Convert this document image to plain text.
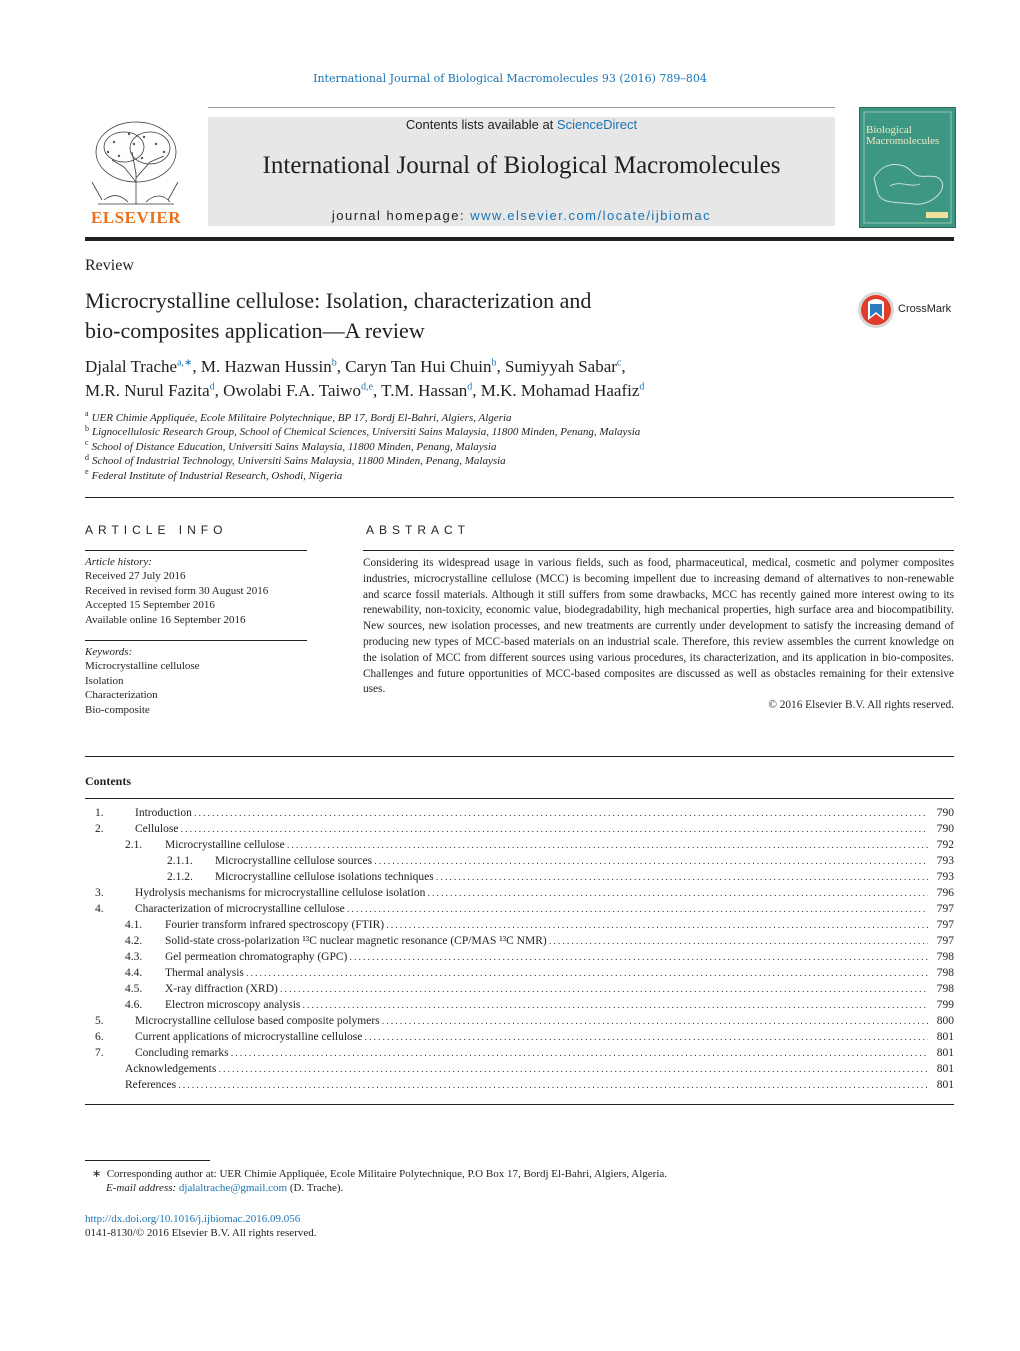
International Journal of Biological Macromolecules 93 (2016) 789–804
ELSEVIER
Contents lists available at ScienceDirect
International Journal of Biological Macromolecules
journal homepage: www.elsevier.com/locate/ijbiomac
Biological
Macromolecules
Review
Microcrystalline cellulose: Isolation, characterization and
bio-composites application—A review
CrossMark
Djalal Trache$^{a,∗}$, M. Hazwan Hussin$^b$, Caryn Tan Hui Chuin$^b$, Sumiyyah Sabar$^c$,
M.R. Nurul Fazita$^d$, Owolabi F.A. Taiwo$^{d,e}$, T.M. Hassan$^d$, M.K. Mohamad Haafiz$^d$
$^a$ UER Chimie Appliquée, Ecole Militaire Polytechnique, BP 17, Bordj El-Bahri, Algiers, Algeria
$^b$ Lignocellulosic Research Group, School of Chemical Sciences, Universiti Sains Malaysia, 11800 Minden, Penang, Malaysia
$^c$ School of Distance Education, Universiti Sains Malaysia, 11800 Minden, Penang, Malaysia
$^d$ School of Industrial Technology, Universiti Sains Malaysia, 11800 Minden, Penang, Malaysia
$^e$ Federal Institute of Industrial Research, Oshodi, Nigeria
ARTICLE INFO	ABSTRACT
Article history:
Received 27 July 2016
Received in revised form 30 August 2016
Accepted 15 September 2016
Available online 16 September 2016
Keywords:
Microcrystalline cellulose
Isolation
Characterization
Bio-composite
Considering its widespread usage in various fields, such as food, pharmaceutical, medical, cosmetic and polymer composites industries, microcrystalline cellulose (MCC) is becoming impellent due to increasing demand of alternatives to non-renewable and scarce fossil materials. Although it still suffers from some drawbacks, MCC has recently gained more interest owing to its renewability, non-toxicity, economic value, biodegradability, high mechanical properties, high surface area and biocompatibility. New sources, new isolation processes, and new treatments are currently under development to satisfy the increasing demand of producing new types of MCC-based materials on an industrial scale. Therefore, this review assembles the current knowledge on the isolation of MCC from different sources using various procedures, its characterization, and its application in bio-composites. Challenges and future opportunities of MCC-based composites are discussed as well as obstacles remaining for their extensive uses.
© 2016 Elsevier B.V. All rights reserved.
Contents
1.	Introduction . . .	790
2.	Cellulose . . .	790
2.1.	Microcrystalline cellulose . . .	792
2.1.1.	Microcrystalline cellulose sources . . .	793
2.1.2.	Microcrystalline cellulose isolations techniques . . .	793
3.	Hydrolysis mechanisms for microcrystalline cellulose isolation . . .	796
4.	Characterization of microcrystalline cellulose . . .	797
4.1.	Fourier transform infrared spectroscopy (FTIR) . . .	797
4.2.	Solid-state cross-polarization ¹³C nuclear magnetic resonance (CP/MAS ¹³C NMR) . . .	797
4.3.	Gel permeation chromatography (GPC) . . .	798
4.4.	Thermal analysis . . .	798
4.5.	X-ray diffraction (XRD) . . .	798
4.6.	Electron microscopy analysis . . .	799
5.	Microcrystalline cellulose based composite polymers . . .	800
6.	Current applications of microcrystalline cellulose . . .	801
7.	Concluding remarks . . .	801
Acknowledgements . . .	801
References . . .	801
∗ Corresponding author at: UER Chimie Appliquée, Ecole Militaire Polytechnique, P.O Box 17, Bordj El-Bahri, Algiers, Algeria.
E-mail address: djalaltrache@gmail.com (D. Trache).
http://dx.doi.org/10.1016/j.ijbiomac.2016.09.056
0141-8130/© 2016 Elsevier B.V. All rights reserved.
